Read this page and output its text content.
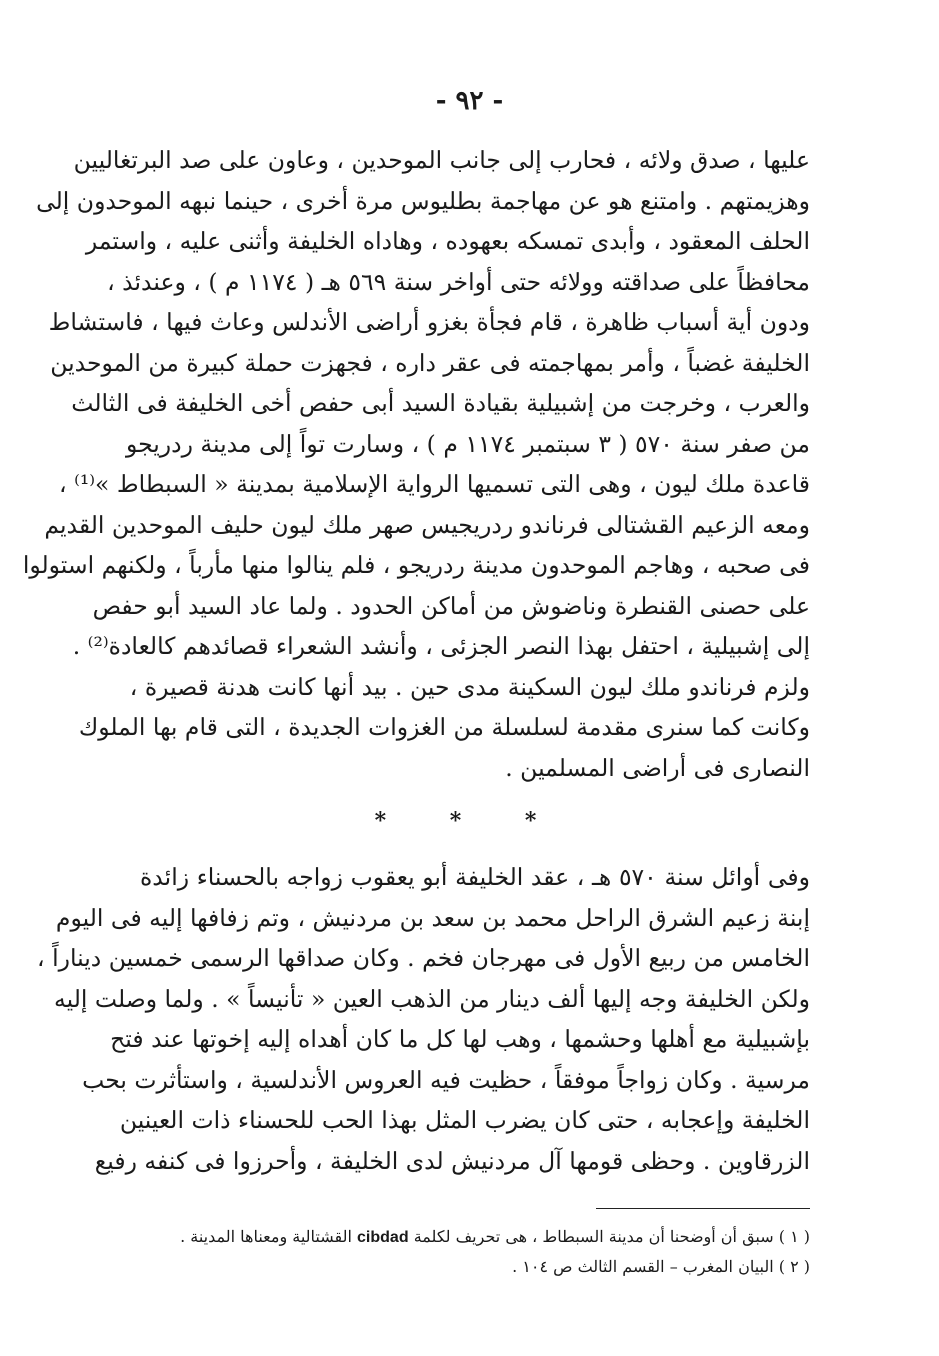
- ٩٢ -
عليها ، صدق ولائه ، فحارب إلى جانب الموحدين ، وعاون على صد البرتغاليين
وهزيمتهم . وامتنع هو عن مهاجمة بطليوس مرة أخرى ، حينما نبهه الموحدون إلى
الحلف المعقود ، وأبدى تمسكه بعهوده ، وهاداه الخليفة وأثنى عليه ، واستمر
محافظاً على صداقته وولائه حتى أواخر سنة ٥٦٩ هـ ( ١١٧٤ م ) ، وعندئذ ،
ودون أية أسباب ظاهرة ، قام فجأة بغزو أراضى الأندلس وعاث فيها ، فاستشاط
الخليفة غضباً ، وأمر بمهاجمته فى عقر داره ، فجهزت حملة كبيرة من الموحدين
والعرب ، وخرجت من إشبيلية بقيادة السيد أبى حفص أخى الخليفة فى الثالث
من صفر سنة ٥٧٠ ( ٣ سبتمبر ١١٧٤ م ) ، وسارت تواً إلى مدينة ردريجو
قاعدة ملك ليون ، وهى التى تسميها الرواية الإسلامية بمدينة « السبطاط »⁽¹⁾ ،
ومعه الزعيم القشتالى فرناندو ردريجيس صهر ملك ليون حليف الموحدين القديم
فى صحبه ، وهاجم الموحدون مدينة ردريجو ، فلم ينالوا منها مأرباً ، ولكنهم استولوا
على حصنى القنطرة وناضوش من أماكن الحدود . ولما عاد السيد أبو حفص
إلى إشبيلية ، احتفل بهذا النصر الجزئى ، وأنشد الشعراء قصائدهم كالعادة⁽²⁾ .
ولزم فرناندو ملك ليون السكينة مدى حين . بيد أنها كانت هدنة قصيرة ،
وكانت كما سنرى مقدمة لسلسلة من الغزوات الجديدة ، التى قام بها الملوك
النصارى فى أراضى المسلمين .
* * *
وفى أوائل سنة ٥٧٠ هـ ، عقد الخليفة أبو يعقوب زواجه بالحسناء زائدة
إبنة زعيم الشرق الراحل محمد بن سعد بن مردنيش ، وتم زفافها إليه فى اليوم
الخامس من ربيع الأول فى مهرجان فخم . وكان صداقها الرسمى خمسين ديناراً ،
ولكن الخليفة وجه إليها ألف دينار من الذهب العين « تأنيساً » . ولما وصلت إليه
بإشبيلية مع أهلها وحشمها ، وهب لها كل ما كان أهداه إليه إخوتها عند فتح
مرسية . وكان زواجاً موفقاً ، حظيت فيه العروس الأندلسية ، واستأثرت بحب
الخليفة وإعجابه ، حتى كان يضرب المثل بهذا الحب للحسناء ذات العينين
الزرقاوين . وحظى قومها آل مردنيش لدى الخليفة ، وأحرزوا فى كنفه رفيع
( ١ ) سبق أن أوضحنا أن مدينة السبطاط ، هى تحريف لكلمة cibdad القشتالية ومعناها المدينة .
( ٢ ) البيان المغرب – القسم الثالث ص ١٠٤ .
